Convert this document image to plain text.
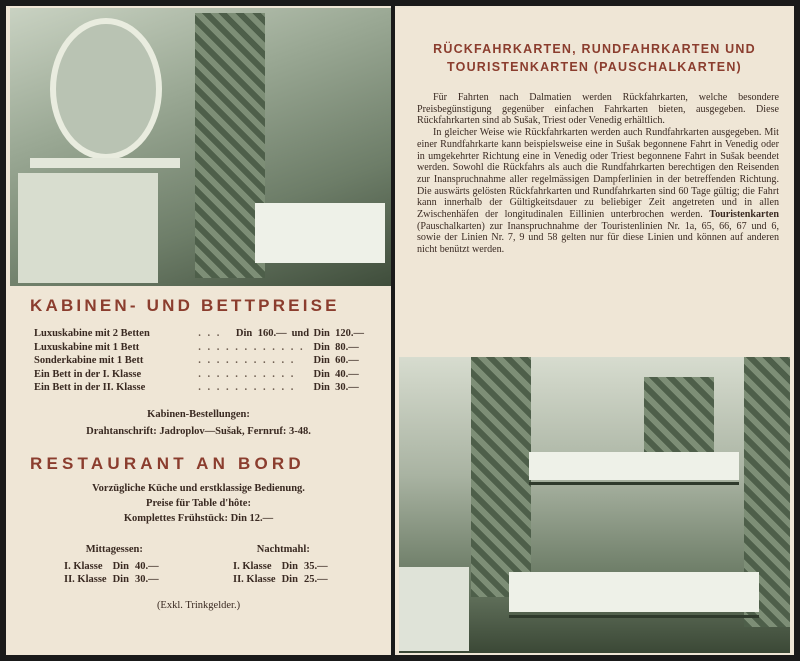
KABINEN- UND BETTPREISE
Luxuskabine mit 2 Betten	. . .	Din	160.—	und	Din	120.—
Luxuskabine mit 1 Bett	. . . . . . . . . . . .				Din	80.—
Sonderkabine mit 1 Bett	. . . . . . . . . . .				Din	60.—
Ein Bett in der I. Klasse	. . . . . . . . . . .				Din	40.—
Ein Bett in der II. Klasse	. . . . . . . . . . .				Din	30.—
Kabinen-Bestellungen:
Drahtanschrift: Jadroplov—Sušak, Fernruf: 3-48.
RESTAURANT AN BORD
Vorzügliche Küche und erstklassige Bedienung.
Preise für Table d'hôte:
Komplettes Frühstück: Din 12.—
Mittagessen:
I. Klasse	Din	40.—
II. Klasse	Din	30.—
Nachtmahl:
I. Klasse	Din	35.—
II. Klasse	Din	25.—
(Exkl. Trinkgelder.)
RÜCKFAHRKARTEN, RUNDFAHRKARTEN UND
TOURISTENKARTEN (PAUSCHALKARTEN)

Für Fahrten nach Dalmatien werden Rückfahrkarten, welche besondere Preisbegünstigung gegenüber einfachen Fahrkarten bieten, ausgegeben. Diese Rückfahrkarten sind ab Sušak, Triest oder Venedig erhältlich.

In gleicher Weise wie Rückfahrkarten werden auch Rundfahrkarten ausgegeben. Mit einer Rundfahrkarte kann beispielsweise eine in Sušak begonnene Fahrt in Venedig oder in umgekehrter Richtung eine in Venedig oder Triest begonnene Fahrt in Sušak beendet werden. Sowohl die Rückfahrs als auch die Rundfahrkarten berechtigen den Reisenden zur Inanspruchnahme aller regelmässigen Dampferlinien in der betreffenden Richtung. Die auswärts gelösten Rückfahrkarten und Rundfahrkarten sind 60 Tage gültig; die Fahrt kann innerhalb der Gültigkeitsdauer zu beliebiger Zeit angetreten und in allen Zwischenhäfen der longitudinalen Eillinien unterbrochen werden. Touristenkarten (Pauschalkarten) zur Inanspruchnahme der Touristenlinien Nr. 1a, 65, 66, 67 und 6, sowie der Linien Nr. 7, 9 und 58 gelten nur für diese Linien und können auf anderen nicht benützt werden.
